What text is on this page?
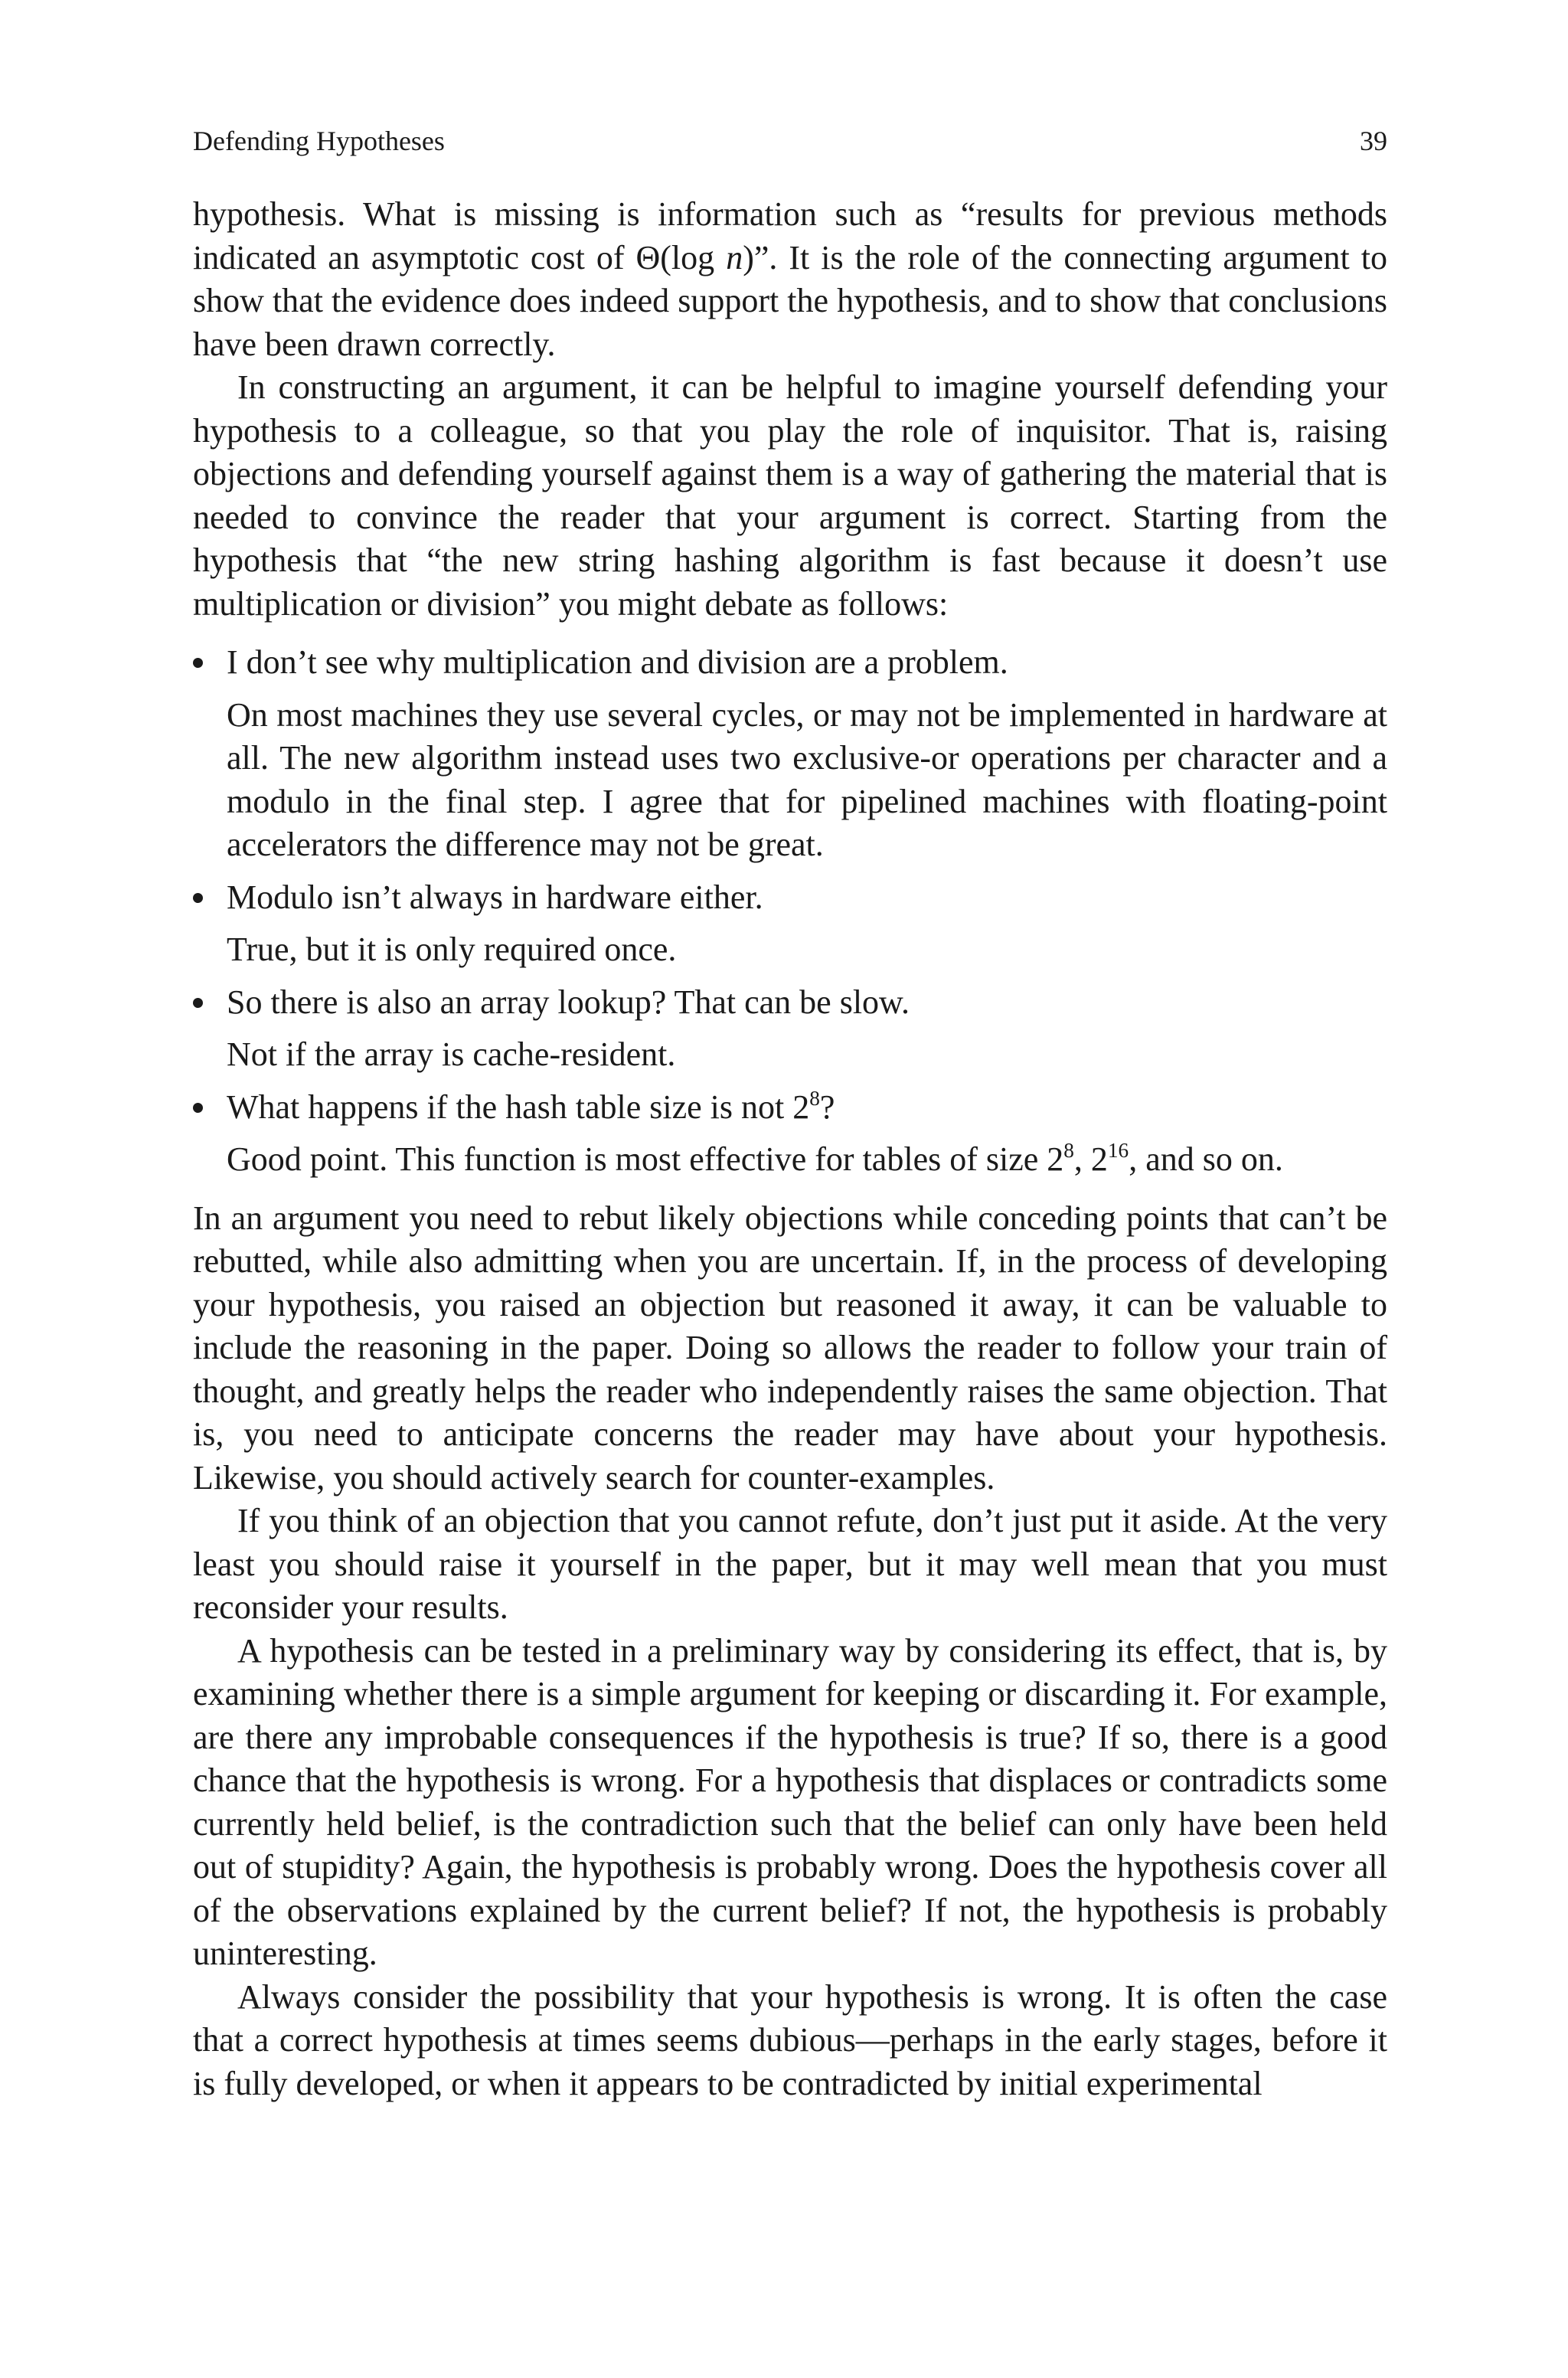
Defending Hypotheses	39

hypothesis. What is missing is information such as “results for previous methods indicated an asymptotic cost of Θ(log n)”. It is the role of the connecting argument to show that the evidence does indeed support the hypothesis, and to show that conclusions have been drawn correctly.

In constructing an argument, it can be helpful to imagine yourself defending your hypothesis to a colleague, so that you play the role of inquisitor. That is, raising objections and defending yourself against them is a way of gathering the material that is needed to convince the reader that your argument is correct. Starting from the hypothesis that “the new string hashing algorithm is fast because it doesn’t use multiplication or division” you might debate as follows:

I don’t see why multiplication and division are a problem.
On most machines they use several cycles, or may not be implemented in hardware at all. The new algorithm instead uses two exclusive-or operations per character and a modulo in the final step. I agree that for pipelined machines with floating-point accelerators the difference may not be great.
Modulo isn’t always in hardware either.
True, but it is only required once.
So there is also an array lookup? That can be slow.
Not if the array is cache-resident.
What happens if the hash table size is not $2^8$?
Good point. This function is most effective for tables of size $2^8$, $2^{16}$, and so on.

In an argument you need to rebut likely objections while conceding points that can’t be rebutted, while also admitting when you are uncertain. If, in the process of developing your hypothesis, you raised an objection but reasoned it away, it can be valuable to include the reasoning in the paper. Doing so allows the reader to follow your train of thought, and greatly helps the reader who independently raises the same objection. That is, you need to anticipate concerns the reader may have about your hypothesis. Likewise, you should actively search for counter-examples.

If you think of an objection that you cannot refute, don’t just put it aside. At the very least you should raise it yourself in the paper, but it may well mean that you must reconsider your results.

A hypothesis can be tested in a preliminary way by considering its effect, that is, by examining whether there is a simple argument for keeping or discarding it. For example, are there any improbable consequences if the hypothesis is true? If so, there is a good chance that the hypothesis is wrong. For a hypothesis that displaces or contradicts some currently held belief, is the contradiction such that the belief can only have been held out of stupidity? Again, the hypothesis is probably wrong. Does the hypothesis cover all of the observations explained by the current belief? If not, the hypothesis is probably uninteresting.

Always consider the possibility that your hypothesis is wrong. It is often the case that a correct hypothesis at times seems dubious—perhaps in the early stages, before it is fully developed, or when it appears to be contradicted by initial experimental
